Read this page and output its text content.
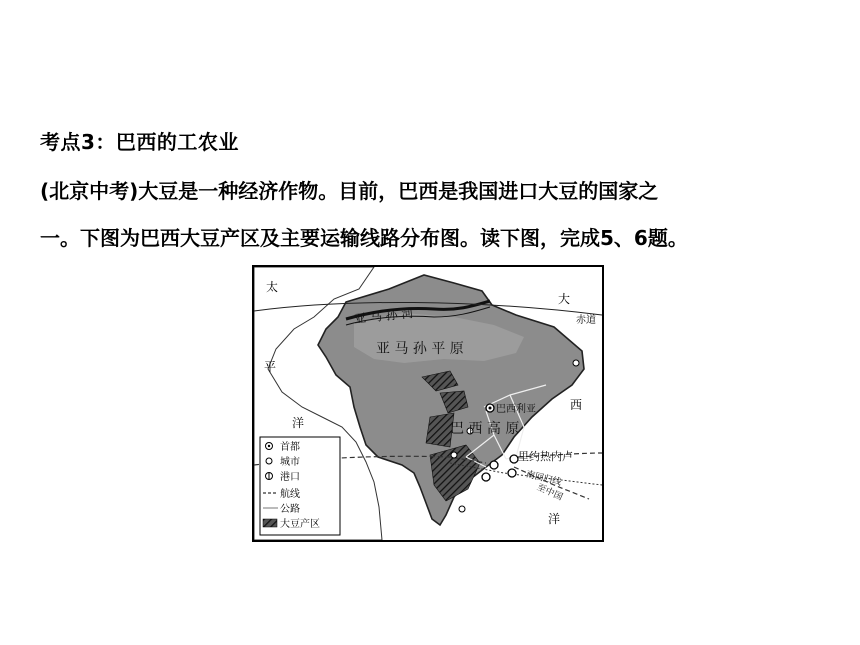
考点3：巴西的工农业
(北京中考)大豆是一种经济作物。目前，巴西是我国进口大豆的国家之
一。下图为巴西大豆产区及主要运输线路分布图。读下图，完成5、6题。
太
平
洋
大
西
洋
赤道
亚 马 孙 河
亚 马 孙 平 原
巴西利亚
巴 西 高 原
里约热内卢
南回归线
至中国
首都
城市
港口
航线
公路
大豆产区
